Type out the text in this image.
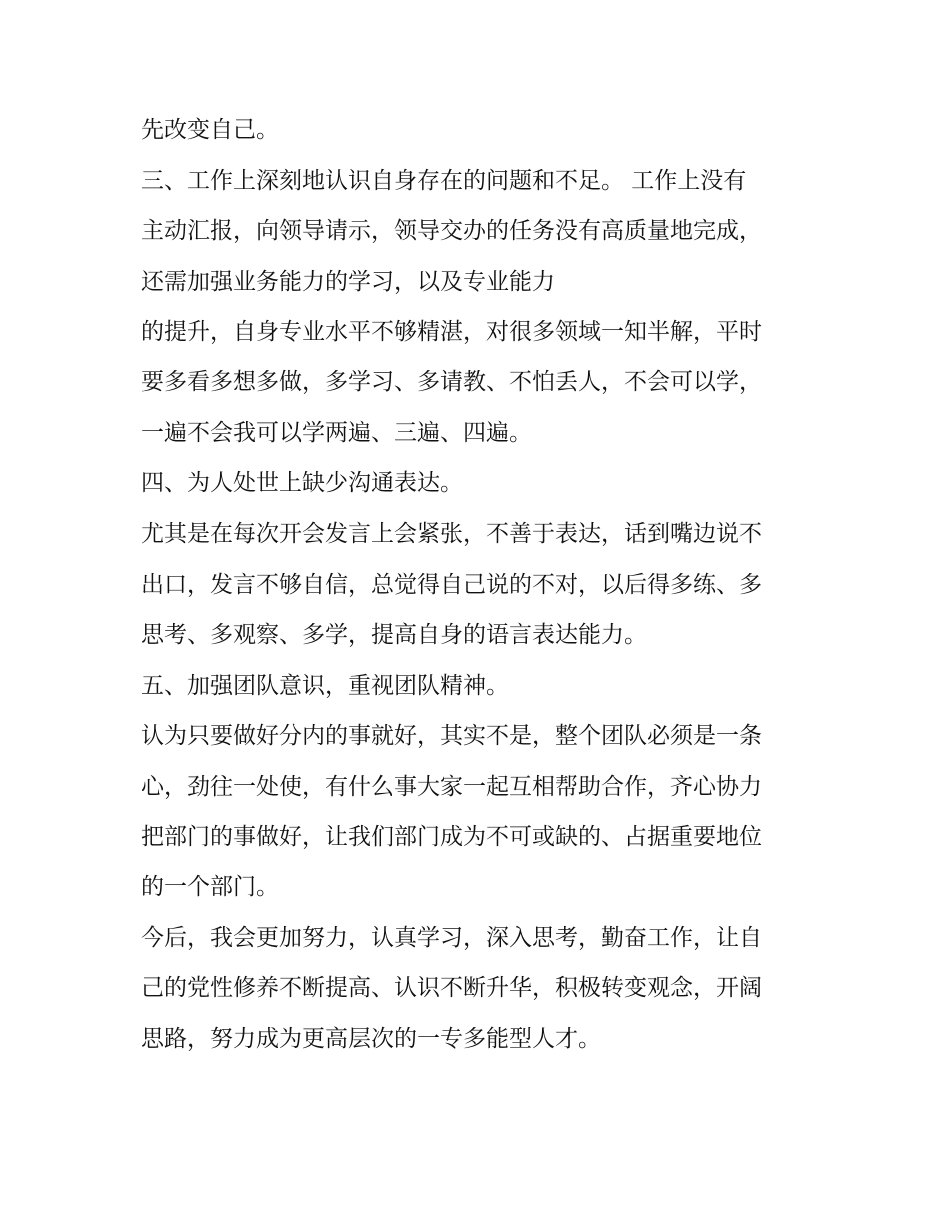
先改变自己。
三、工作上深刻地认识自身存在的问题和不足。 工作上没有
主动汇报，向领导请示，领导交办的任务没有高质量地完成，
还需加强业务能力的学习，以及专业能力
的提升，自身专业水平不够精湛，对很多领域一知半解，平时
要多看多想多做，多学习、多请教、不怕丢人，不会可以学，
一遍不会我可以学两遍、三遍、四遍。
四、为人处世上缺少沟通表达。
尤其是在每次开会发言上会紧张，不善于表达，话到嘴边说不
出口，发言不够自信，总觉得自己说的不对，以后得多练、多
思考、多观察、多学，提高自身的语言表达能力。
五、加强团队意识，重视团队精神。
认为只要做好分内的事就好，其实不是，整个团队必须是一条
心，劲往一处使，有什么事大家一起互相帮助合作，齐心协力
把部门的事做好，让我们部门成为不可或缺的、占据重要地位
的一个部门。
今后，我会更加努力，认真学习，深入思考，勤奋工作，让自
己的党性修养不断提高、认识不断升华，积极转变观念，开阔
思路，努力成为更高层次的一专多能型人才。
